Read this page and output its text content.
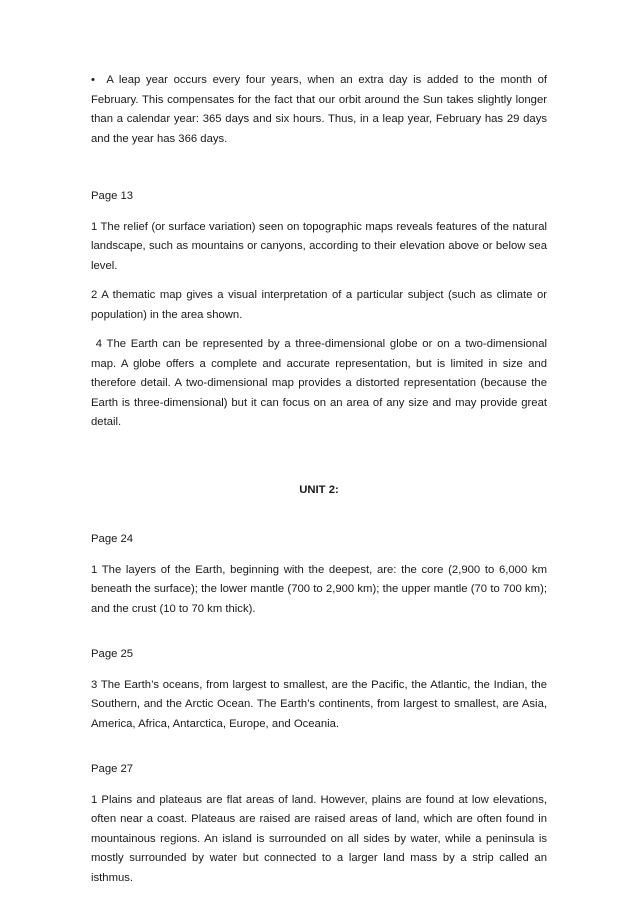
• A leap year occurs every four years, when an extra day is added to the month of February. This compensates for the fact that our orbit around the Sun takes slightly longer than a calendar year: 365 days and six hours. Thus, in a leap year, February has 29 days and the year has 366 days.

Page 13

1 The relief (or surface variation) seen on topographic maps reveals features of the natural landscape, such as mountains or canyons, according to their elevation above or below sea level.

2 A thematic map gives a visual interpretation of a particular subject (such as climate or population) in the area shown.

4 The Earth can be represented by a three-dimensional globe or on a two-dimensional map. A globe offers a complete and accurate representation, but is limited in size and therefore detail. A two-dimensional map provides a distorted representation (because the Earth is three-dimensional) but it can focus on an area of any size and may provide great detail.

UNIT 2:

Page 24

1 The layers of the Earth, beginning with the deepest, are: the core (2,900 to 6,000 km beneath the surface); the lower mantle (700 to 2,900 km); the upper mantle (70 to 700 km); and the crust (10 to 70 km thick).

Page 25

3 The Earth’s oceans, from largest to smallest, are the Pacific, the Atlantic, the Indian, the Southern, and the Arctic Ocean. The Earth’s continents, from largest to smallest, are Asia, America, Africa, Antarctica, Europe, and Oceania.

Page 27

1 Plains and plateaus are flat areas of land. However, plains are found at low elevations, often near a coast. Plateaus are raised are raised areas of land, which are often found in mountainous regions. An island is surrounded on all sides by water, while a peninsula is mostly surrounded by water but connected to a larger land mass by a strip called an isthmus.
